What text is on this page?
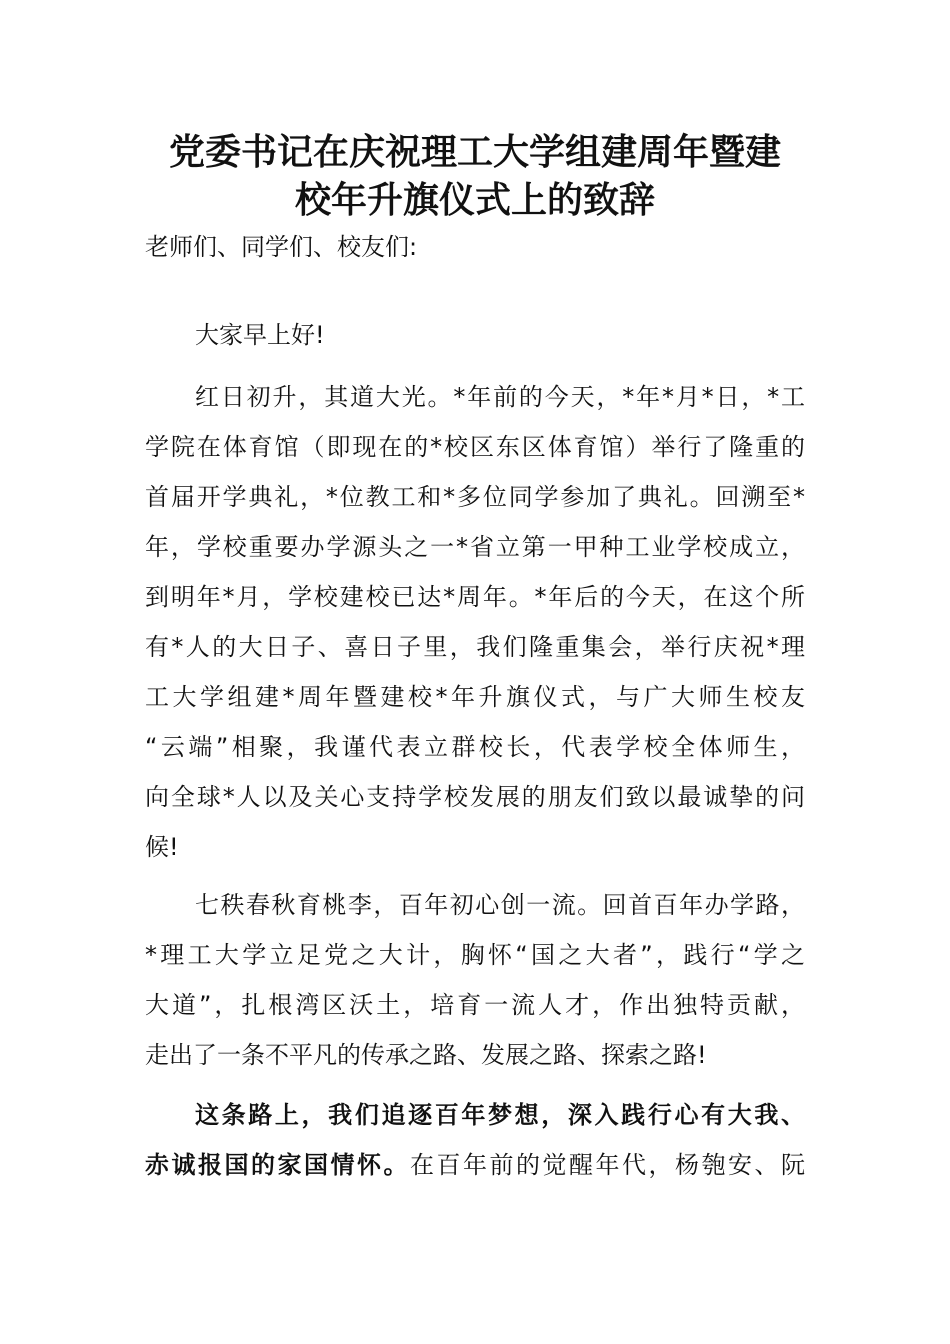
党委书记在庆祝理工大学组建周年暨建
校年升旗仪式上的致辞
老师们、同学们、校友们:
大家早上好!
红日初升，其道大光。*年前的今天，*年*月*日，*工
学院在体育馆（即现在的*校区东区体育馆）举行了隆重的
首届开学典礼，*位教工和*多位同学参加了典礼。回溯至*
年，学校重要办学源头之一*省立第一甲种工业学校成立，
到明年*月，学校建校已达*周年。*年后的今天，在这个所
有*人的大日子、喜日子里，我们隆重集会，举行庆祝*理
工大学组建*周年暨建校*年升旗仪式，与广大师生校友
“云端”相聚，我谨代表立群校长，代表学校全体师生，
向全球*人以及关心支持学校发展的朋友们致以最诚挚的问
候!
七秩春秋育桃李，百年初心创一流。回首百年办学路，
*理工大学立足党之大计，胸怀“国之大者”，践行“学之
大道”，扎根湾区沃土，培育一流人才，作出独特贡献，
走出了一条不平凡的传承之路、发展之路、探索之路!
这条路上，我们追逐百年梦想，深入践行心有大我、
赤诚报国的家国情怀。在百年前的觉醒年代，杨匏安、阮
